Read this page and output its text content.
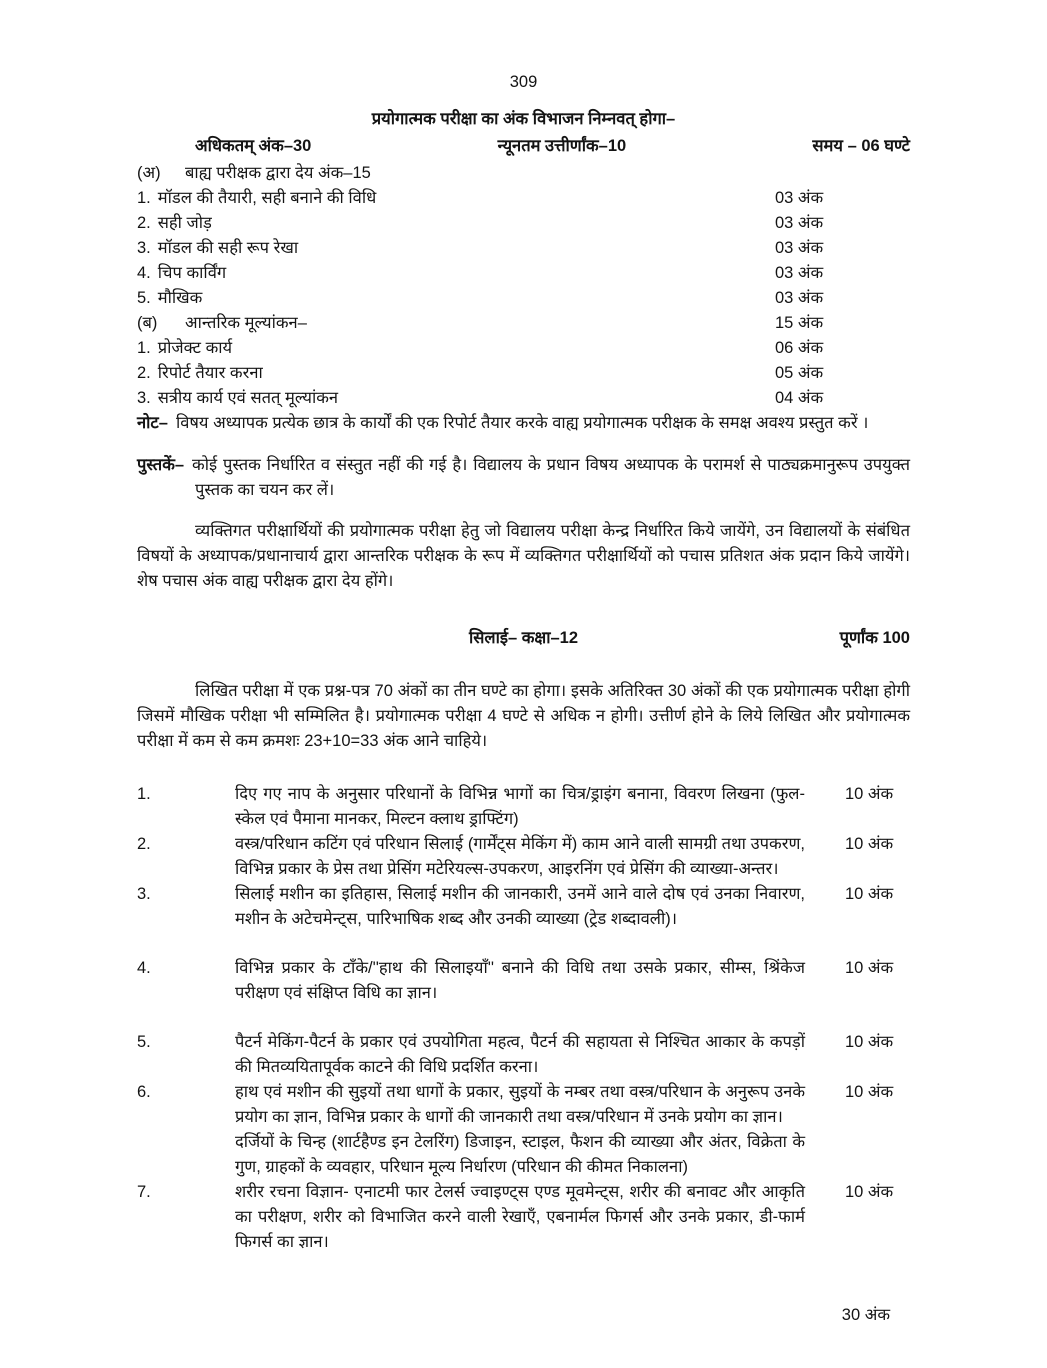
309
प्रयोगात्मक परीक्षा का अंक विभाजन निम्नवत् होगा–
अधिकतम् अंक–30	न्यूनतम उत्तीर्णांक–10	समय – 06 घण्टे
(अ)	बाह्य परीक्षक द्वारा देय अंक–15
1. मॉडल की तैयारी, सही बनाने की विधि	03 अंक
2. सही जोड़	03 अंक
3. मॉडल की सही रूप रेखा	03 अंक
4. चिप कार्विंग	03 अंक
5. मौखिक	03 अंक
(ब)	आन्तरिक मूल्यांकन–	15 अंक
1. प्रोजेक्ट कार्य	06 अंक
2. रिपोर्ट तैयार करना	05 अंक
3. सत्रीय कार्य एवं सतत् मूल्यांकन	04 अंक

नोट– विषय अध्यापक प्रत्येक छात्र के कार्यों की एक रिपोर्ट तैयार करके वाह्य प्रयोगात्मक परीक्षक के समक्ष अवश्य प्रस्तुत करें ।

पुस्तकें– कोई पुस्तक निर्धारित व संस्तुत नहीं की गई है। विद्यालय के प्रधान विषय अध्यापक के परामर्श से पाठ्यक्रमानुरूप उपयुक्त पुस्तक का चयन कर लें।

व्यक्तिगत परीक्षार्थियों की प्रयोगात्मक परीक्षा हेतु जो विद्यालय परीक्षा केन्द्र निर्धारित किये जायेंगे, उन विद्यालयों के संबंधित विषयों के अध्यापक/प्रधानाचार्य द्वारा आन्तरिक परीक्षक के रूप में व्यक्तिगत परीक्षार्थियों को पचास प्रतिशत अंक प्रदान किये जायेंगे। शेष पचास अंक वाह्य परीक्षक द्वारा देय होंगे।

सिलाई– कक्षा–12	पूर्णांक 100

लिखित परीक्षा में एक प्रश्न-पत्र 70 अंकों का तीन घण्टे का होगा। इसके अतिरिक्त 30 अंकों की एक प्रयोगात्मक परीक्षा होगी जिसमें मौखिक परीक्षा भी सम्मिलित है। प्रयोगात्मक परीक्षा 4 घण्टे से अधिक न होगी। उत्तीर्ण होने के लिये लिखित और प्रयोगात्मक परीक्षा में कम से कम क्रमशः 23+10=33 अंक आने चाहिये।

1.	दिए गए नाप के अनुसार परिधानों के विभिन्न भागों का चित्र/ड्राइंग बनाना, विवरण लिखना (फुल-स्केल एवं पैमाना मानकर, मिल्टन क्लाथ ड्राफ्टिंग)
10 अंक
2.	वस्त्र/परिधान कटिंग एवं परिधान सिलाई (गार्मेंट्स मेकिंग में) काम आने वाली सामग्री तथा उपकरण, विभिन्न प्रकार के प्रेस तथा प्रेसिंग मटेरियल्स-उपकरण, आइरनिंग एवं प्रेसिंग की व्याख्या-अन्तर।
10 अंक
3.	सिलाई मशीन का इतिहास, सिलाई मशीन की जानकारी, उनमें आने वाले दोष एवं उनका निवारण, मशीन के अटेचमेन्ट्स, पारिभाषिक शब्द और उनकी व्याख्या (ट्रेड शब्दावली)।
10 अंक
4.	विभिन्न प्रकार के टाँके/''हाथ की सिलाइयाँ'' बनाने की विधि तथा उसके प्रकार, सीम्स, श्रिंकेज परीक्षण एवं संक्षिप्त विधि का ज्ञान।
10 अंक
5.	पैटर्न मेकिंग-पैटर्न के प्रकार एवं उपयोगिता महत्व, पैटर्न की सहायता से निश्चित आकार के कपड़ों की मितव्ययितापूर्वक काटने की विधि प्रदर्शित करना।
10 अंक
6.	हाथ एवं मशीन की सुइयों तथा धागों के प्रकार, सुइयों के नम्बर तथा वस्त्र/परिधान के अनुरूप उनके प्रयोग का ज्ञान, विभिन्न प्रकार के धागों की जानकारी तथा वस्त्र/परिधान में उनके प्रयोग का ज्ञान।
दर्जियों के चिन्ह (शार्टहैण्ड इन टेलरिंग) डिजाइन, स्टाइल, फैशन की व्याख्या और अंतर, विक्रेता के गुण, ग्राहकों के व्यवहार, परिधान मूल्य निर्धारण (परिधान की कीमत निकालना)
10 अंक
7.	शरीर रचना विज्ञान- एनाटमी फार टेलर्स ज्वाइण्ट्स एण्ड मूवमेन्ट्स, शरीर की बनावट और आकृति का परीक्षण, शरीर को विभाजित करने वाली रेखाएँ, एबनार्मल फिगर्स और उनके प्रकार, डी-फार्म फिगर्स का ज्ञान।
10 अंक
30 अंक
